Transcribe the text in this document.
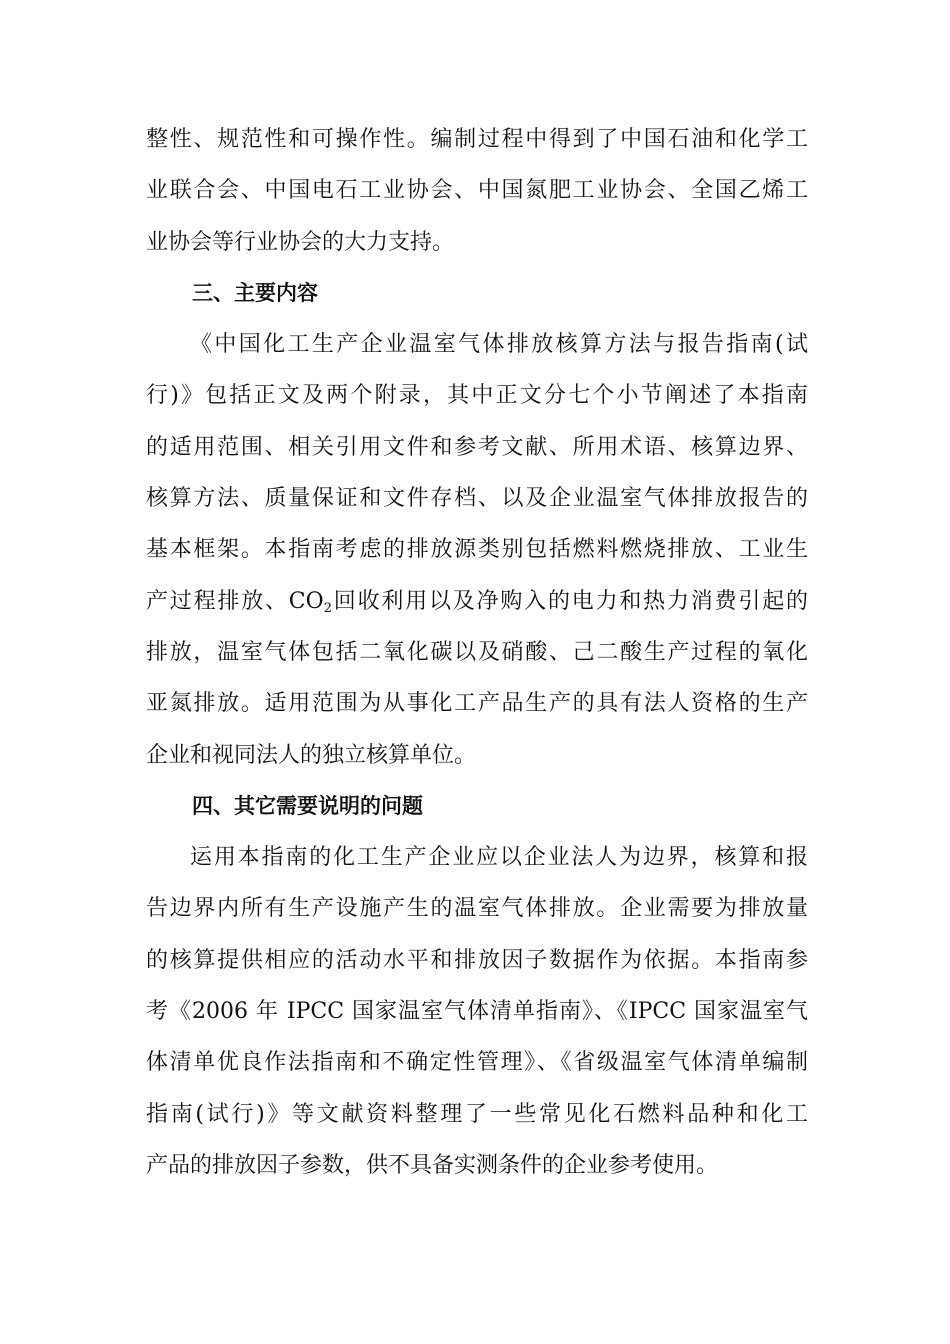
整性、规范性和可操作性。编制过程中得到了中国石油和化学工
业联合会、中国电石工业协会、中国氮肥工业协会、全国乙烯工
业协会等行业协会的大力支持。
三、主要内容
《中国化工生产企业温室气体排放核算方法与报告指南(试
行)》包括正文及两个附录，其中正文分七个小节阐述了本指南
的适用范围、相关引用文件和参考文献、所用术语、核算边界、
核算方法、质量保证和文件存档、以及企业温室气体排放报告的
基本框架。本指南考虑的排放源类别包括燃料燃烧排放、工业生
产过程排放、$CO_2$回收利用以及净购入的电力和热力消费引起的
排放，温室气体包括二氧化碳以及硝酸、己二酸生产过程的氧化
亚氮排放。适用范围为从事化工产品生产的具有法人资格的生产
企业和视同法人的独立核算单位。
四、其它需要说明的问题
运用本指南的化工生产企业应以企业法人为边界，核算和报
告边界内所有生产设施产生的温室气体排放。企业需要为排放量
的核算提供相应的活动水平和排放因子数据作为依据。本指南参
考《2006 年 IPCC 国家温室气体清单指南》、《IPCC 国家温室气
体清单优良作法指南和不确定性管理》、《省级温室气体清单编制
指南(试行)》等文献资料整理了一些常见化石燃料品种和化工
产品的排放因子参数，供不具备实测条件的企业参考使用。
